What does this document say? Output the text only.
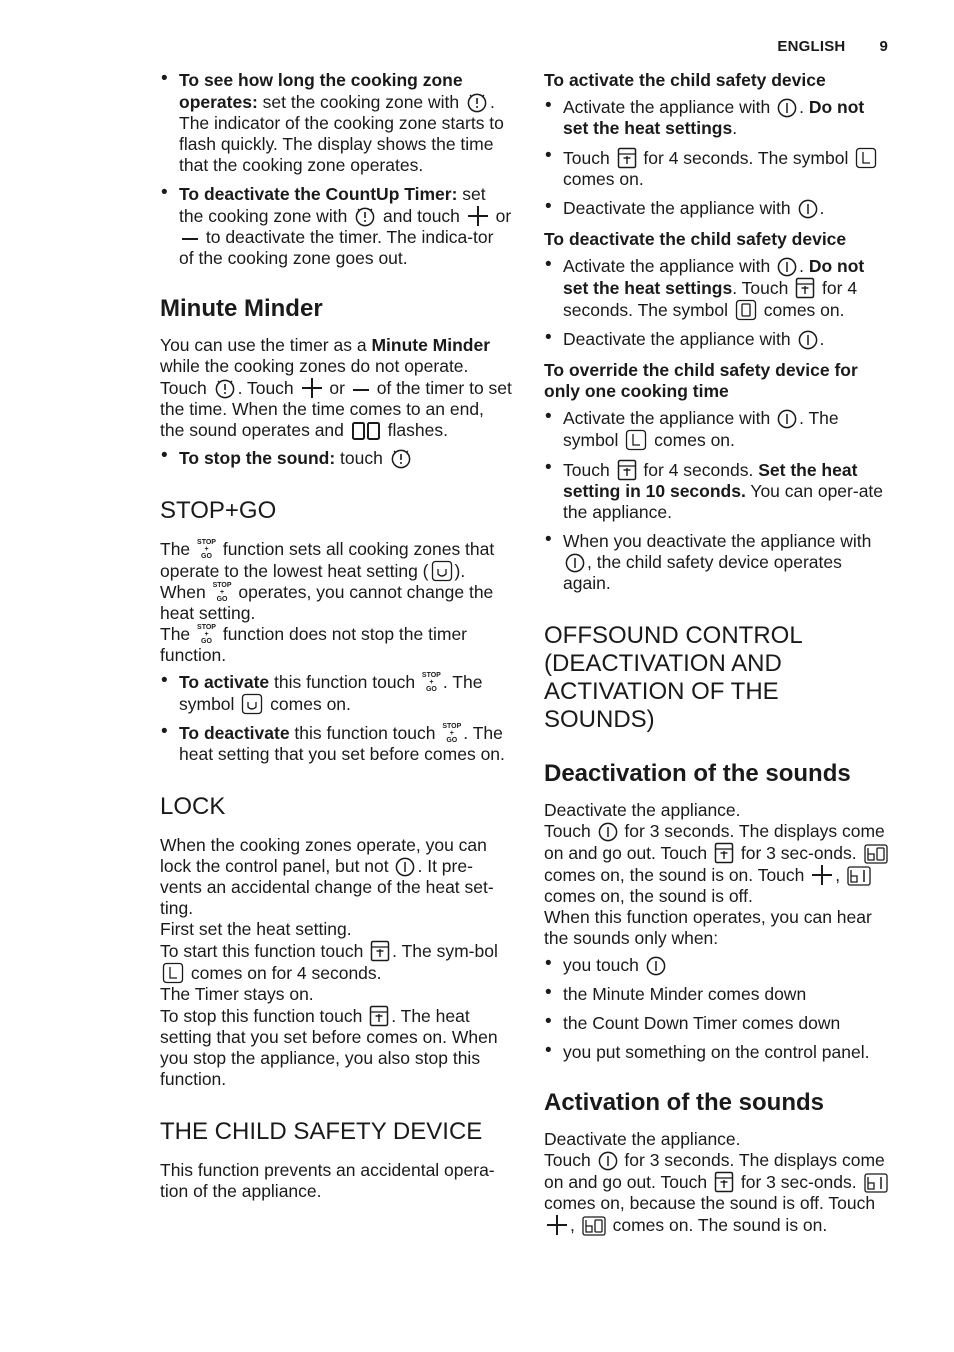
ENGLISH 9
• To see how long the cooking zone operates: set the cooking zone with
. The indicator of the cooking zone starts to flash quickly. The display shows the time that the cooking zone operates.
• To deactivate the CountUp Timer: set the cooking zone with
and touch
or
to deactivate the timer. The indica-tor of the cooking zone goes out.
Minute Minder

You can use the timer as a Minute Minder while the cooking zones do not operate. Touch
. Touch
or
of the timer to set the time. When the time comes to an end, the sound operates and
flashes.

• To stop the sound: touch
STOP+GO

The STOP
+
GO function sets all cooking zones that operate to the lowest heat setting ( ).

When STOP
+
GO operates, you cannot change the heat setting.

The STOP
+
GO function does not stop the timer function.

• To activate this function touch STOP
+
GO . The symbol
comes on.
• To deactivate this function touch STOP
+
GO . The heat setting that you set before comes on.
LOCK

When the cooking zones operate, you can lock the control panel, but not
. It pre-vents an accidental change of the heat set-ting.

First set the heat setting.

To start this function touch
. The sym-bol
comes on for 4 seconds.

The Timer stays on.

To stop this function touch
. The heat setting that you set before comes on. When you stop the appliance, you also stop this function.

THE CHILD SAFETY DEVICE

This function prevents an accidental opera-tion of the appliance.

To activate the child safety device
• Activate the appliance with
. Do not set the heat settings.
• Touch
for 4 seconds. The symbol
comes on.
• Deactivate the appliance with
.
To deactivate the child safety device
• Activate the appliance with
. Do not set the heat settings. Touch
for 4 seconds. The symbol
comes on.
• Deactivate the appliance with
.
To override the child safety device for only one cooking time
• Activate the appliance with
. The symbol
comes on.
• Touch
for 4 seconds. Set the heat setting in 10 seconds. You can oper-ate the appliance.
• When you deactivate the appliance with
, the child safety device operates again.
OFFSOUND CONTROL (DEACTIVATION AND ACTIVATION OF THE SOUNDS)
Deactivation of the sounds

Deactivate the appliance.

Touch
for 3 seconds. The displays come on and go out. Touch
for 3 sec-onds.
comes on, the sound is on. Touch
,
comes on, the sound is off.

When this function operates, you can hear the sounds only when:

• you touch
• the Minute Minder comes down
• the Count Down Timer comes down
• you put something on the control panel.
Activation of the sounds

Deactivate the appliance.

Touch
for 3 seconds. The displays come on and go out. Touch
for 3 sec-onds.
comes on, because the sound is off. Touch
,
comes on. The sound is on.
